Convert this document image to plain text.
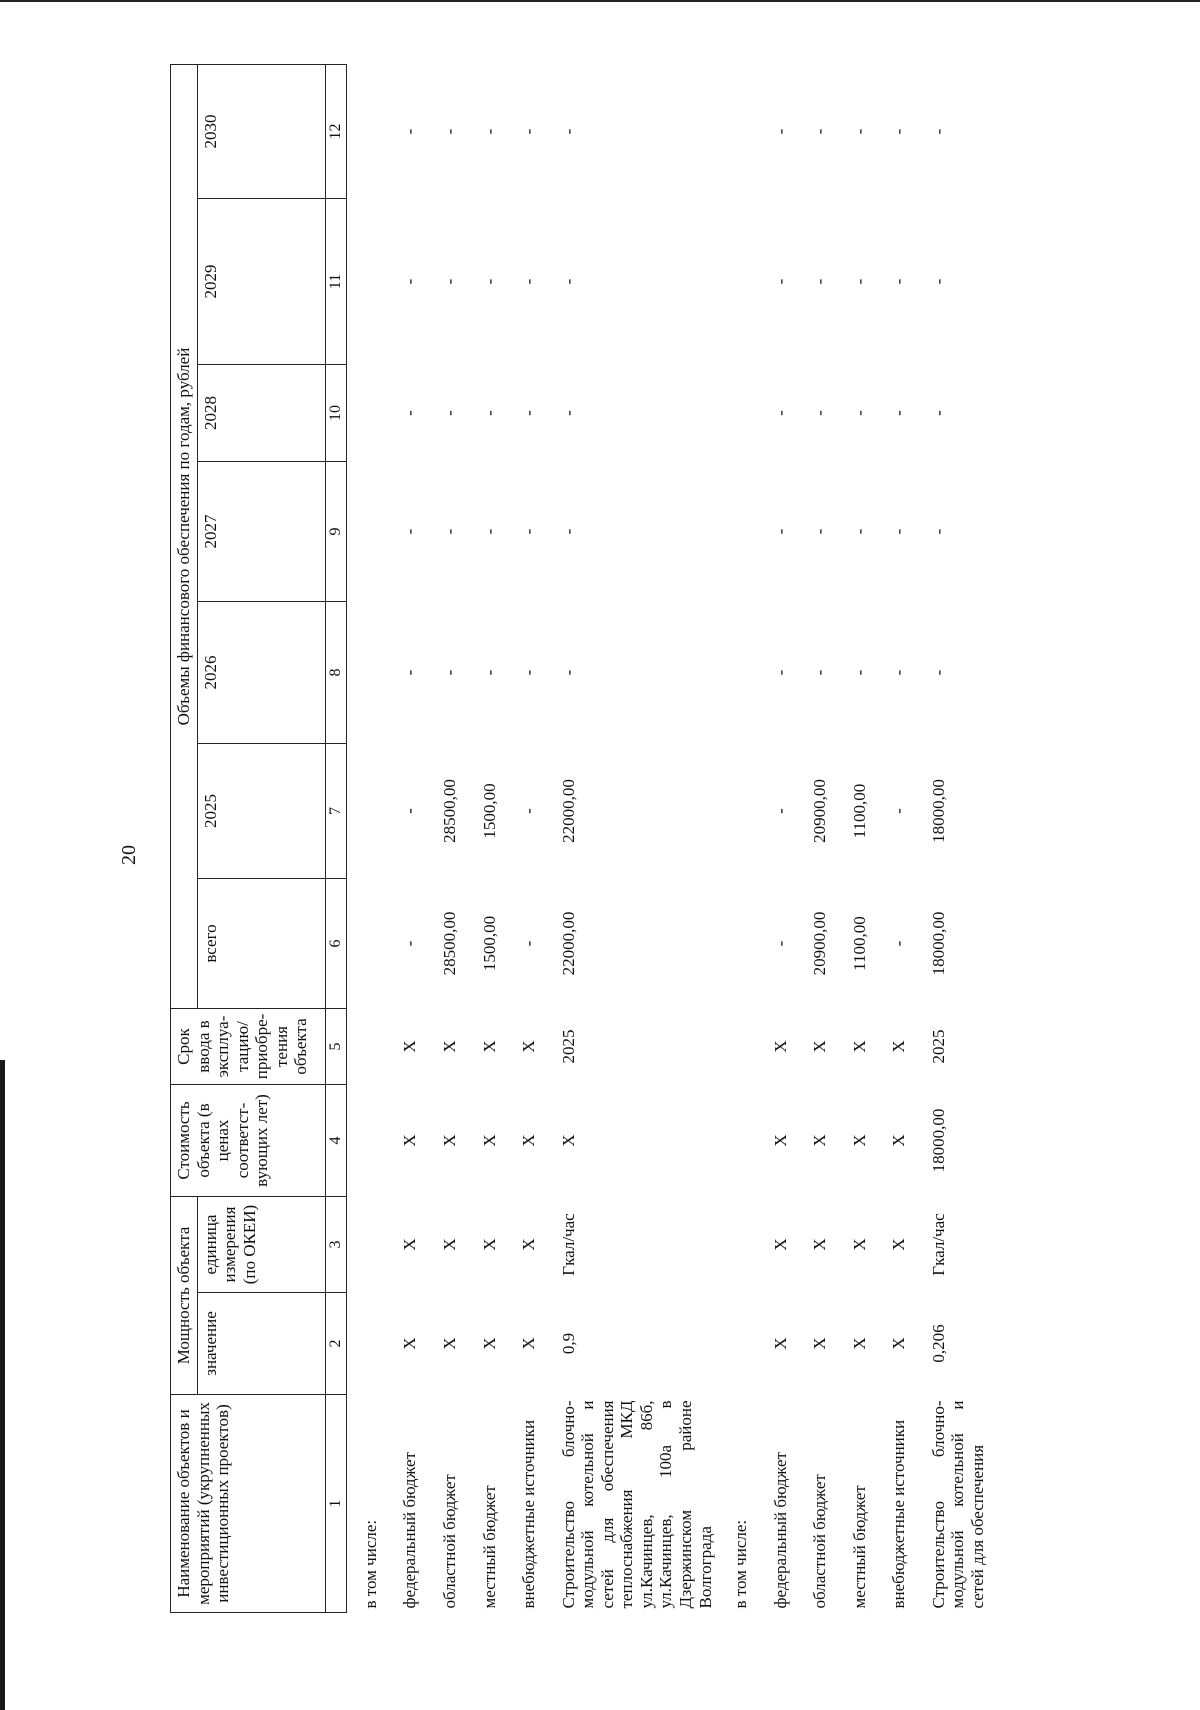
20
Наименование объектов и мероприятий (укрупненных инвестиционных проектов)	Мощность объекта		Стоимость объекта (в ценах соответст-вующих лет)	Срок ввода в эксплуа-тацию/ приобре-тения объекта	Объемы финансового обеспечения по годам, рублей						
	значение	единица измерения (по ОКЕИ)			всего	2025	2026	2027	2028	2029	2030
1	2	3	4	5	6	7	8	9	10	11	12
в том числе:											
федеральный бюджет	X	X	X	X	-	-	-	-	-	-	-
областной бюджет	X	X	X	X	28500,00	28500,00	-	-	-	-	-
местный бюджет	X	X	X	X	1500,00	1500,00	-	-	-	-	-
внебюджетные источники	X	X	X	X	-	-	-	-	-	-	-
Строительство блочно-модульной котельной и сетей для обеспечения теплоснабжения МКД ул.Качинцев, 86б, ул.Качинцев, 100а в Дзержинском районе Волгограда	0,9	Гкал/час	X	2025	22000,00	22000,00	-	-	-	-	-
в том числе:											
федеральный бюджет	X	X	X	X	-	-	-	-	-	-	-
областной бюджет	X	X	X	X	20900,00	20900,00	-	-	-	-	-
местный бюджет	X	X	X	X	1100,00	1100,00	-	-	-	-	-
внебюджетные источники	X	X	X	X	-	-	-	-	-	-	-
Строительство блочно-модульной котельной и сетей для обеспечения	0,206	Гкал/час	18000,00	2025	18000,00	18000,00	-	-	-	-	-
